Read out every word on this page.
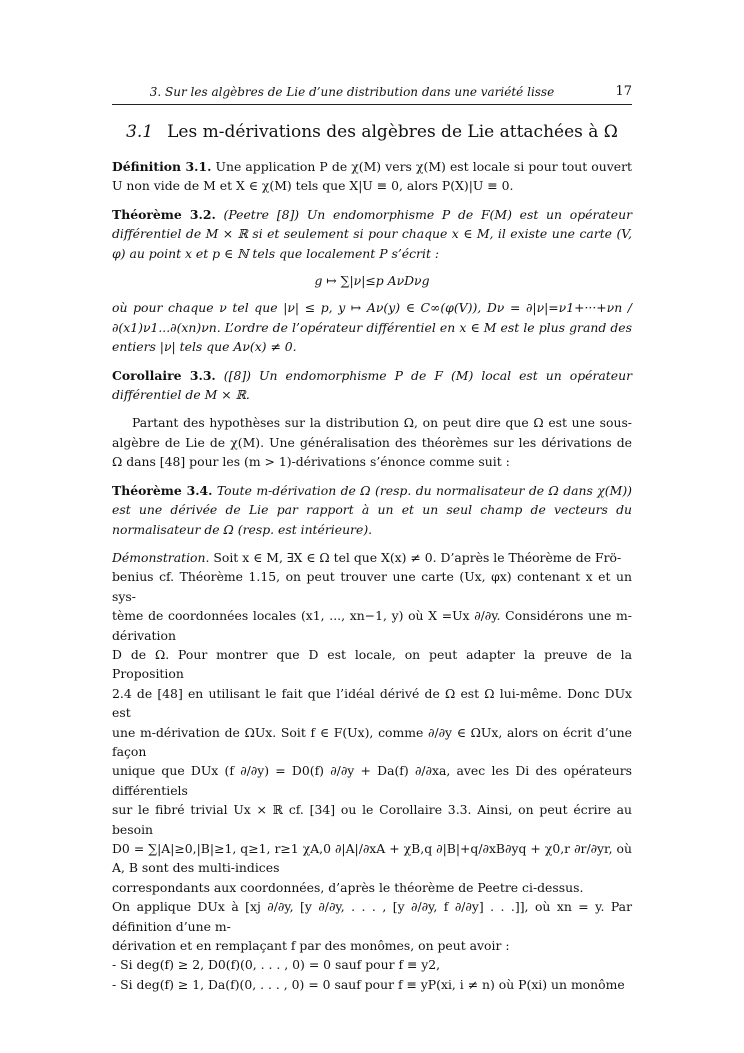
3. Sur les algèbres de Lie d’une distribution dans une variété lisse	17
3.1 Les m-dérivations des algèbres de Lie attachées à Ω
Définition 3.1. Une application P de χ(M) vers χ(M) est locale si pour tout ouvert U non vide de M et X ∈ χ(M) tels que X|U ≡ 0, alors P(X)|U ≡ 0.
Théorème 3.2. (Peetre [8]) Un endomorphisme P de F(M) est un opérateur différentiel de M × ℝ si et seulement si pour chaque x ∈ M, il existe une carte (V, φ) au point x et p ∈ ℕ tels que localement P s’écrit :
g ↦ ∑|ν|≤p AνDνg
où pour chaque ν tel que |ν| ≤ p, y ↦ Aν(y) ∈ C∞(φ(V)), Dν = ∂|ν|=ν1+···+νn / ∂(x1)ν1...∂(xn)νn. L’ordre de l’opérateur différentiel en x ∈ M est le plus grand des entiers |ν| tels que Aν(x) ≠ 0.
Corollaire 3.3. ([8]) Un endomorphisme P de F (M) local est un opérateur différentiel de M × ℝ.
Partant des hypothèses sur la distribution Ω, on peut dire que Ω est une sous-algèbre de Lie de χ(M). Une généralisation des théorèmes sur les dérivations de Ω dans [48] pour les (m > 1)-dérivations s’énonce comme suit :
Théorème 3.4. Toute m-dérivation de Ω (resp. du normalisateur de Ω dans χ(M)) est une dérivée de Lie par rapport à un et un seul champ de vecteurs du normalisateur de Ω (resp. est intérieure).
Démonstration. Soit x ∈ M, ∃X ∈ Ω tel que X(x) ≠ 0. D’après le Théorème de Frö-
benius cf. Théorème 1.15, on peut trouver une carte (Ux, φx) contenant x et un sys-
tème de coordonnées locales (x1, ..., xn−1, y) où X =Ux ∂/∂y. Considérons une m-dérivation
D de Ω. Pour montrer que D est locale, on peut adapter la preuve de la Proposition
2.4 de [48] en utilisant le fait que l’idéal dérivé de Ω est Ω lui-même. Donc DUx est
une m-dérivation de ΩUx. Soit f ∈ F(Ux), comme ∂/∂y ∈ ΩUx, alors on écrit d’une façon
unique que DUx (f ∂/∂y) = D0(f) ∂/∂y + Da(f) ∂/∂xa, avec les Di des opérateurs différentiels
sur le fibré trivial Ux × ℝ cf. [34] ou le Corollaire 3.3. Ainsi, on peut écrire au besoin
D0 = ∑|A|≥0,|B|≥1, q≥1, r≥1 χA,0 ∂|A|/∂xA + χB,q ∂|B|+q/∂xB∂yq + χ0,r ∂r/∂yr, où A, B sont des multi-indices
correspondants aux coordonnées, d’après le théorème de Peetre ci-dessus.
On applique DUx à [xj ∂/∂y, [y ∂/∂y, . . . , [y ∂/∂y, f ∂/∂y] . . .]], où xn = y. Par définition d’une m-
dérivation et en remplaçant f par des monômes, on peut avoir :
- Si deg(f) ≥ 2, D0(f)(0, . . . , 0) = 0 sauf pour f ≡ y2,
- Si deg(f) ≥ 1, Da(f)(0, . . . , 0) = 0 sauf pour f ≡ yP(xi, i ≠ n) où P(xi) un monôme
